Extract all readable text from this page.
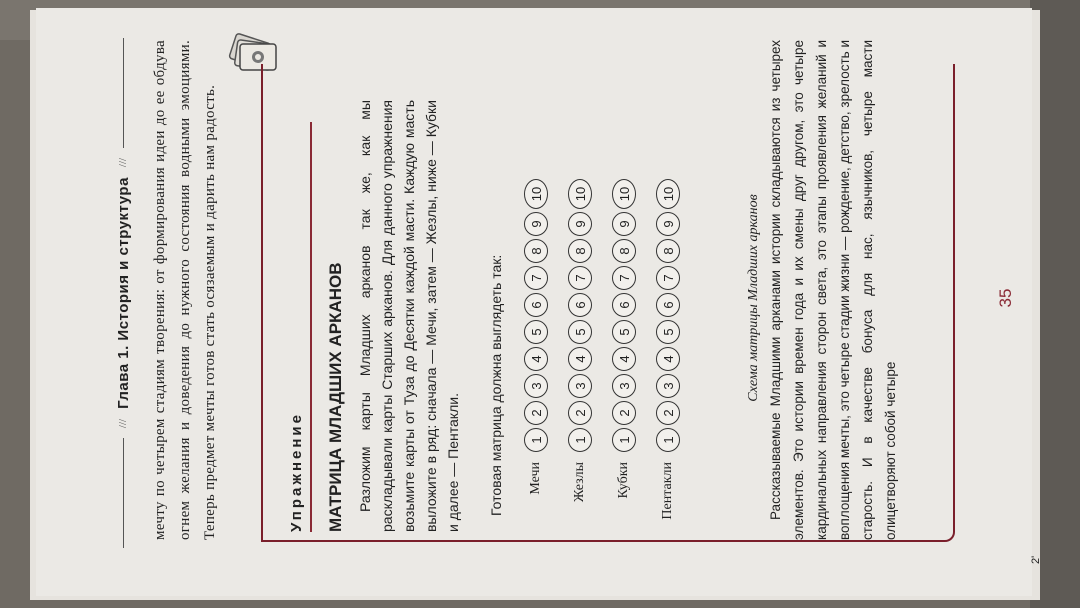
///
Глава 1. История и структура
/// мечту по четырем стадиям творения: от формирования идеи до ее обдува огнем желания и доведения до нужного состояния водными эмоциями. Теперь предмет мечты готов стать осязаемым и дарить нам радость.	Упражнение МАТРИЦА МЛАДШИХ АРКАНОВ Разложим карты Младших арканов так же, как мы раскладывали карты Старших арканов. Для данного упражнения возьмите карты от Туза до Десятки каждой масти. Каждую масть выложите в ряд: сначала — Мечи, затем — Жезлы, ниже — Кубки и далее — Пентакли. Готовая матрица должна выглядеть так: Мечи
1
2
3
4
5
6
7
8
9
10
Жезлы
1
2
3
4
5
6
7
8
9
10
Кубки
1
2
3
4
5
6
7
8
9
10
Пентакли
1
2
3
4
5
6
7
8
9
10
Схема матрицы Младших арканов Рассказываемые Младшими арканами истории складываются из четырех элементов. Это истории времен года и их смены друг другом, это четыре кардинальных направления сторон света, это этапы проявления желаний и воплощения мечты, это четыре стадии жизни — рождение, детство, зрелость и старость. И в качестве бонуса для нас, язычников, четыре масти олицетворяют собой четыре

35
2'
